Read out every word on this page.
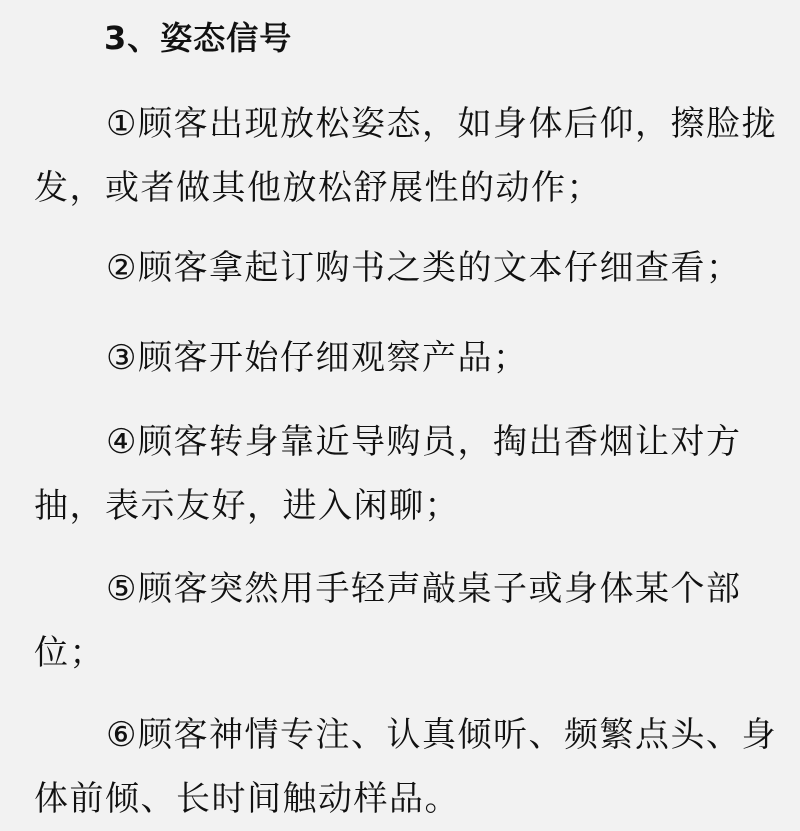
3、姿态信号

①顾客出现放松姿态，如身体后仰，擦脸拢发，或者做其他放松舒展性的动作；

②顾客拿起订购书之类的文本仔细查看；

③顾客开始仔细观察产品；

④顾客转身靠近导购员，掏出香烟让对方抽，表示友好，进入闲聊；

⑤顾客突然用手轻声敲桌子或身体某个部位；

⑥顾客神情专注、认真倾听、频繁点头、身体前倾、长时间触动样品。
